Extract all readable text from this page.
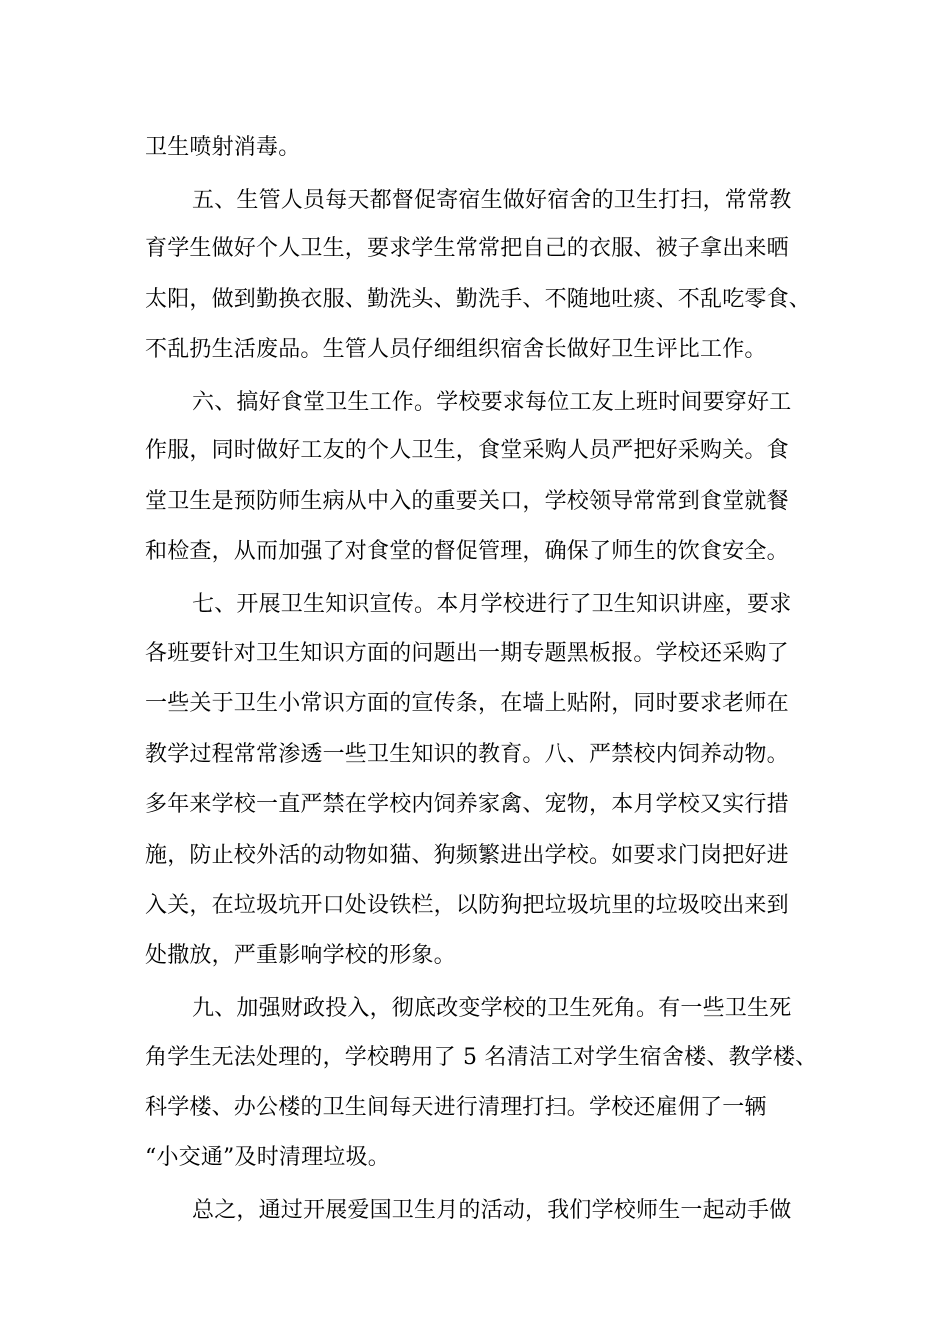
卫生喷射消毒。
五、生管人员每天都督促寄宿生做好宿舍的卫生打扫，常常教
育学生做好个人卫生，要求学生常常把自己的衣服、被子拿出来晒
太阳，做到勤换衣服、勤洗头、勤洗手、不随地吐痰、不乱吃零食、
不乱扔生活废品。生管人员仔细组织宿舍长做好卫生评比工作。
六、搞好食堂卫生工作。学校要求每位工友上班时间要穿好工
作服，同时做好工友的个人卫生，食堂采购人员严把好采购关。食
堂卫生是预防师生病从中入的重要关口，学校领导常常到食堂就餐
和检查，从而加强了对食堂的督促管理，确保了师生的饮食安全。
七、开展卫生知识宣传。本月学校进行了卫生知识讲座，要求
各班要针对卫生知识方面的问题出一期专题黑板报。学校还采购了
一些关于卫生小常识方面的宣传条，在墙上贴附，同时要求老师在
教学过程常常渗透一些卫生知识的教育。八、严禁校内饲养动物。
多年来学校一直严禁在学校内饲养家禽、宠物，本月学校又实行措
施，防止校外活的动物如猫、狗频繁进出学校。如要求门岗把好进
入关，在垃圾坑开口处设铁栏，以防狗把垃圾坑里的垃圾咬出来到
处撒放，严重影响学校的形象。
九、加强财政投入，彻底改变学校的卫生死角。有一些卫生死
角学生无法处理的，学校聘用了 5 名清洁工对学生宿舍楼、教学楼、
科学楼、办公楼的卫生间每天进行清理打扫。学校还雇佣了一辆
“小交通”及时清理垃圾。
总之，通过开展爱国卫生月的活动，我们学校师生一起动手做
